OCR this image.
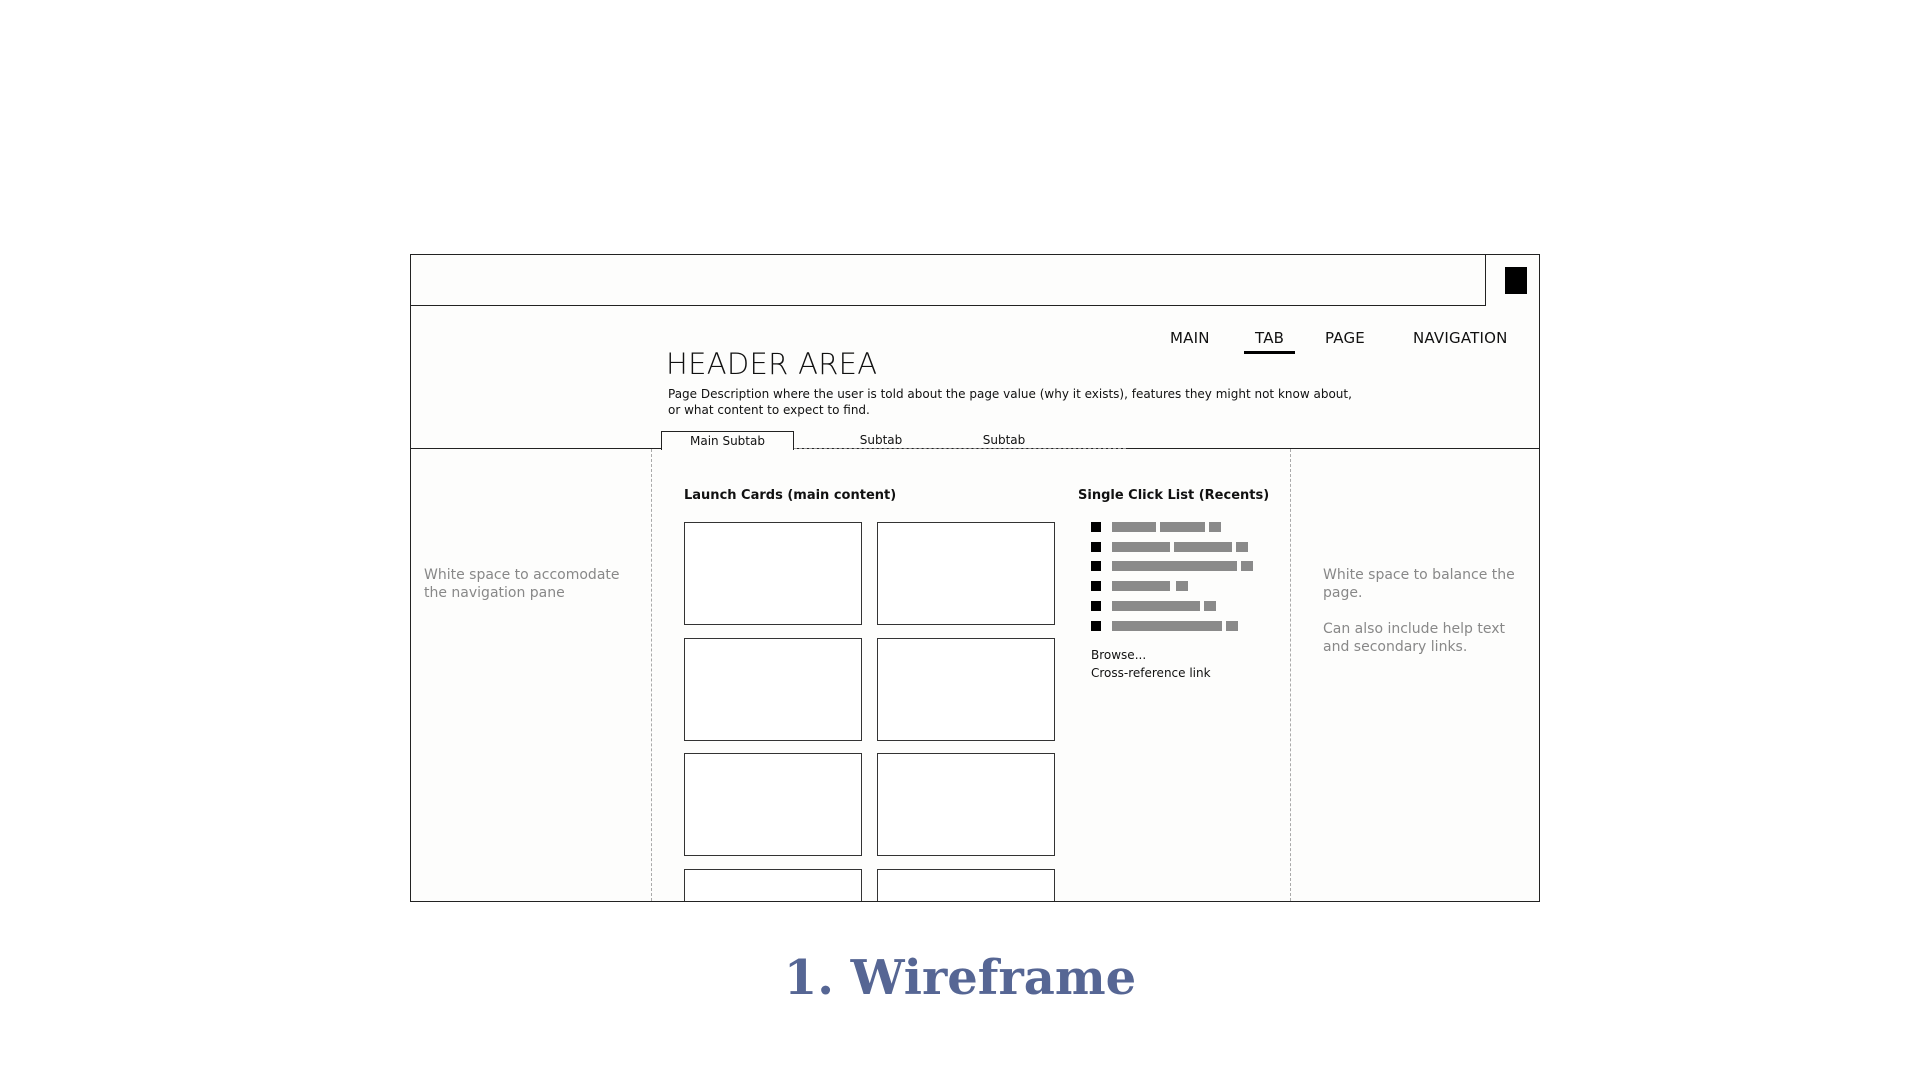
MAIN	TAB	PAGE	NAVIGATION
HEADER AREA
Page Description where the user is told about the page value (why it exists), features they might not know about, or what content to expect to find.
Main Subtab	Subtab	Subtab
White space to accomodate the navigation pane
White space to balance the page.
Can also include help text and secondary links.
Launch Cards (main content)	Single Click List (Recents)
Browse...
Cross-reference link
1. Wireframe
